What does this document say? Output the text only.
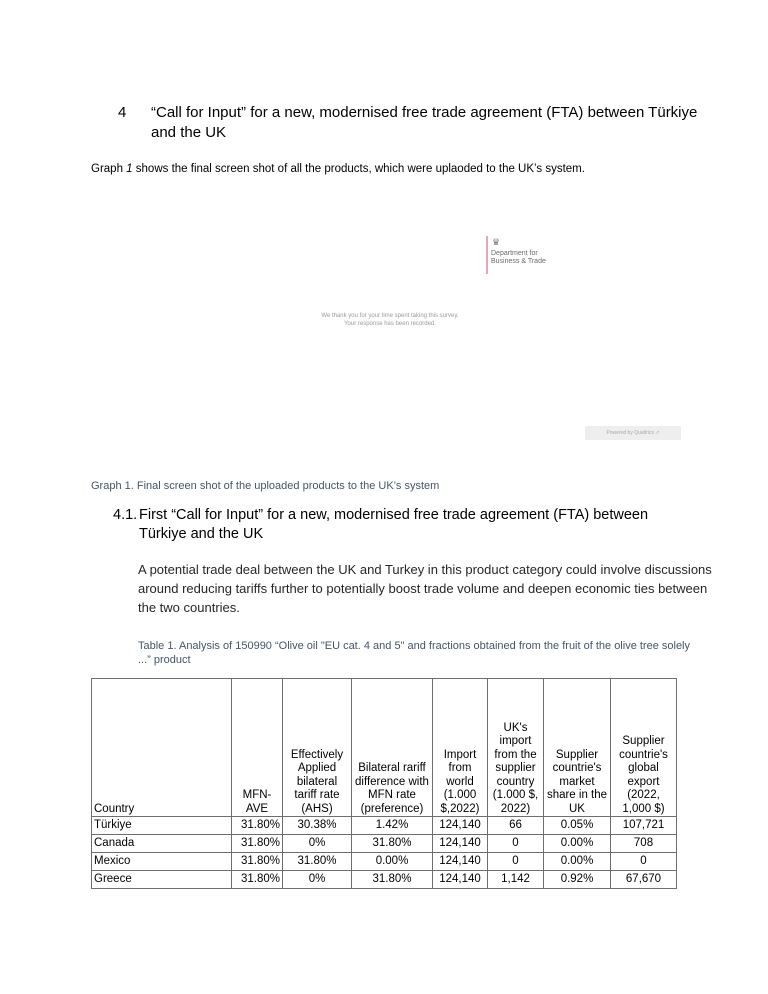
4 “Call for Input” for a new, modernised free trade agreement (FTA) between Türkiye and the UK
Graph 1 shows the final screen shot of all the products, which were uplaoded to the UK’s system.
♛
Department for
Business & Trade
We thank you for your time spent taking this survey.
Your response has been recorded.
Powered by Qualtrics ↗
Graph 1. Final screen shot of the uploaded products to the UK’s system
4.1. First “Call for Input” for a new, modernised free trade agreement (FTA) between Türkiye and the UK
A potential trade deal between the UK and Turkey in this product category could involve discussions around reducing tariffs further to potentially boost trade volume and deepen economic ties between the two countries.
Table 1. Analysis of 150990 “Olive oil "EU cat. 4 and 5" and fractions obtained from the fruit of the olive tree solely ...” product
Country	MFN-AVE	Effectively Applied bilateral tariff rate (AHS)	Bilateral rariff difference with MFN rate (preference)	Import from world (1.000 $,2022)	UK's import from the supplier country (1.000 $, 2022)	Supplier countrie's market share in the UK	Supplier countrie's global export (2022, 1,000 $)
Türkiye	31.80%	30.38%	1.42%	124,140	66	0.05%	107,721
Canada	31.80%	0%	31.80%	124,140	0	0.00%	708
Mexico	31.80%	31.80%	0.00%	124,140	0	0.00%	0
Greece	31.80%	0%	31.80%	124,140	1,142	0.92%	67,670
